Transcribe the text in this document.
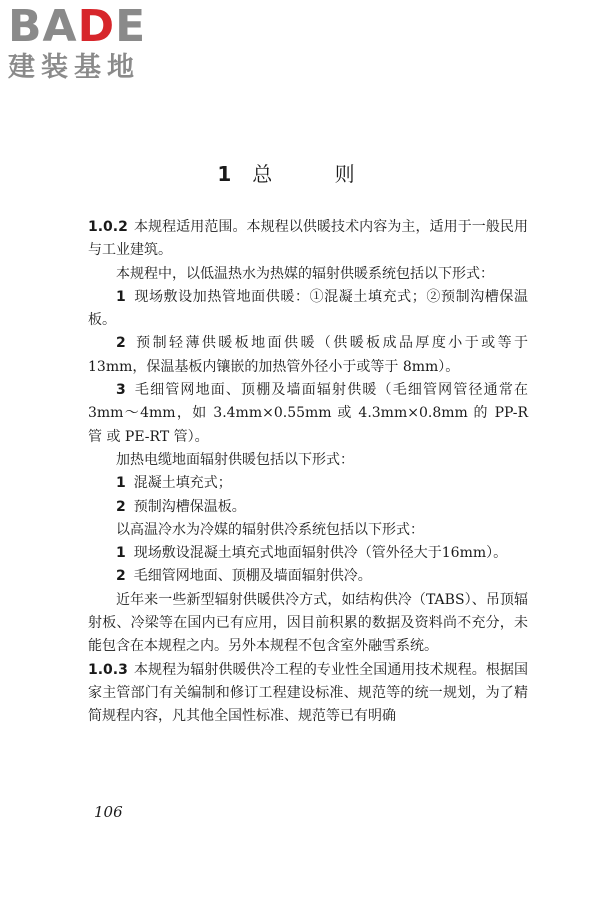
BADE
建装基地
1 总 则

1.0.2 本规程适用范围。本规程以供暖技术内容为主，适用于一般民用与工业建筑。

本规程中，以低温热水为热媒的辐射供暖系统包括以下形式：

1 现场敷设加热管地面供暖：①混凝土填充式；②预制沟槽保温板。

2 预制轻薄供暖板地面供暖（供暖板成品厚度小于或等于13mm，保温基板内镶嵌的加热管外径小于或等于 8mm）。

3 毛细管网地面、顶棚及墙面辐射供暖（毛细管网管径通常在 3mm～4mm，如 3.4mm×0.55mm 或 4.3mm×0.8mm 的 PP-R 管 或 PE-RT 管）。

加热电缆地面辐射供暖包括以下形式：

1 混凝土填充式；

2 预制沟槽保温板。

以高温冷水为冷媒的辐射供冷系统包括以下形式：

1 现场敷设混凝土填充式地面辐射供冷（管外径大于16mm）。

2 毛细管网地面、顶棚及墙面辐射供冷。

近年来一些新型辐射供暖供冷方式，如结构供冷（TABS）、吊顶辐射板、冷梁等在国内已有应用，因目前积累的数据及资料尚不充分，未能包含在本规程之内。另外本规程不包含室外融雪系统。

1.0.3 本规程为辐射供暖供冷工程的专业性全国通用技术规程。根据国家主管部门有关编制和修订工程建设标准、规范等的统一规划，为了精简规程内容，凡其他全国性标准、规范等已有明确

106
